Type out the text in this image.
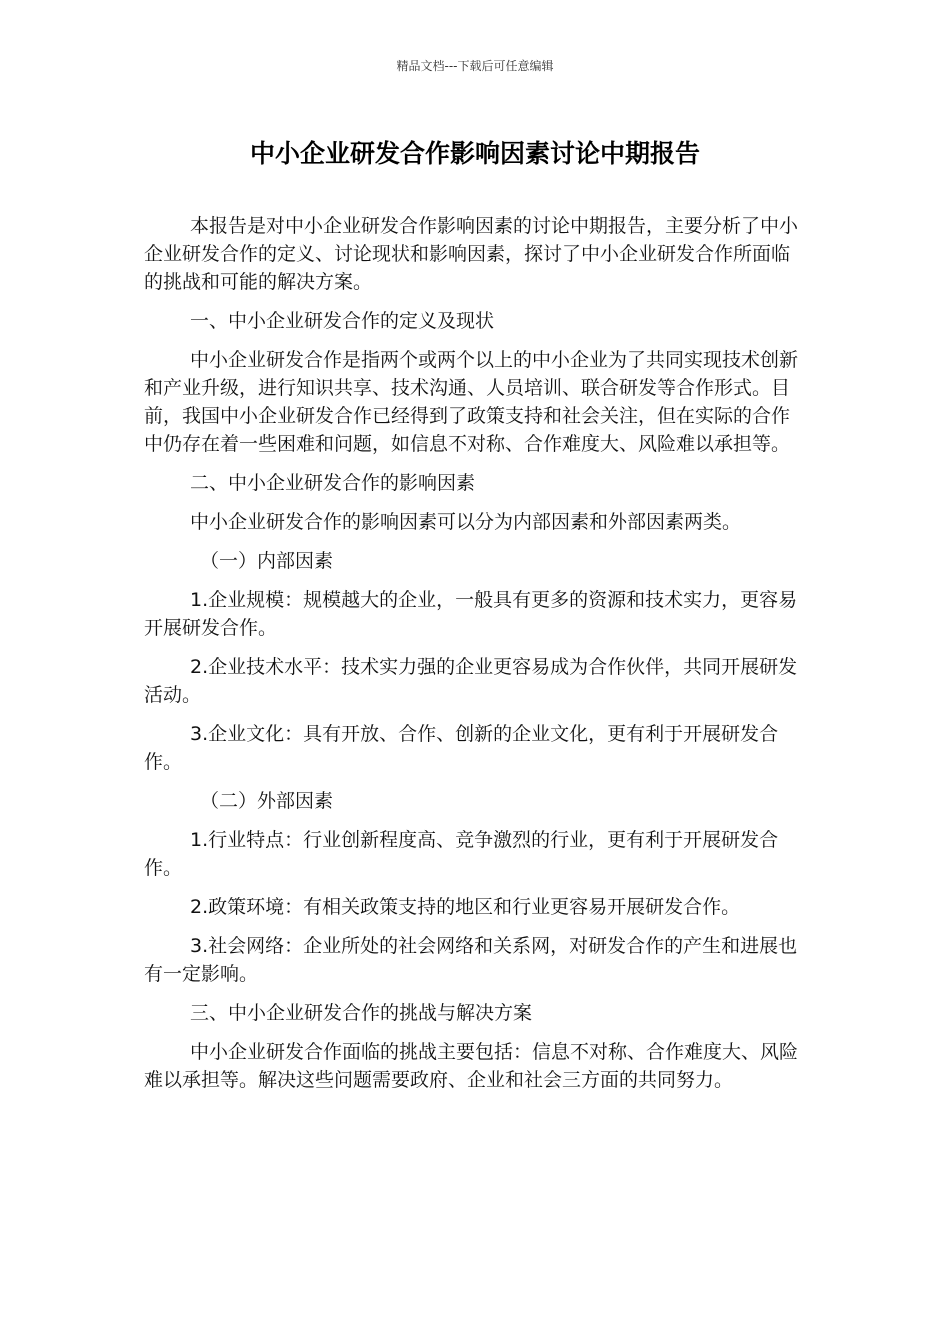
精品文档---下载后可任意编辑
中小企业研发合作影响因素讨论中期报告

本报告是对中小企业研发合作影响因素的讨论中期报告，主要分析了中小企业研发合作的定义、讨论现状和影响因素，探讨了中小企业研发合作所面临的挑战和可能的解决方案。

一、中小企业研发合作的定义及现状

中小企业研发合作是指两个或两个以上的中小企业为了共同实现技术创新和产业升级，进行知识共享、技术沟通、人员培训、联合研发等合作形式。目前，我国中小企业研发合作已经得到了政策支持和社会关注，但在实际的合作中仍存在着一些困难和问题，如信息不对称、合作难度大、风险难以承担等。

二、中小企业研发合作的影响因素

中小企业研发合作的影响因素可以分为内部因素和外部因素两类。

（一）内部因素

1.企业规模：规模越大的企业，一般具有更多的资源和技术实力，更容易开展研发合作。

2.企业技术水平：技术实力强的企业更容易成为合作伙伴，共同开展研发活动。

3.企业文化：具有开放、合作、创新的企业文化，更有利于开展研发合作。

（二）外部因素

1.行业特点：行业创新程度高、竞争激烈的行业，更有利于开展研发合作。

2.政策环境：有相关政策支持的地区和行业更容易开展研发合作。

3.社会网络：企业所处的社会网络和关系网，对研发合作的产生和进展也有一定影响。

三、中小企业研发合作的挑战与解决方案

中小企业研发合作面临的挑战主要包括：信息不对称、合作难度大、风险难以承担等。解决这些问题需要政府、企业和社会三方面的共同努力。
